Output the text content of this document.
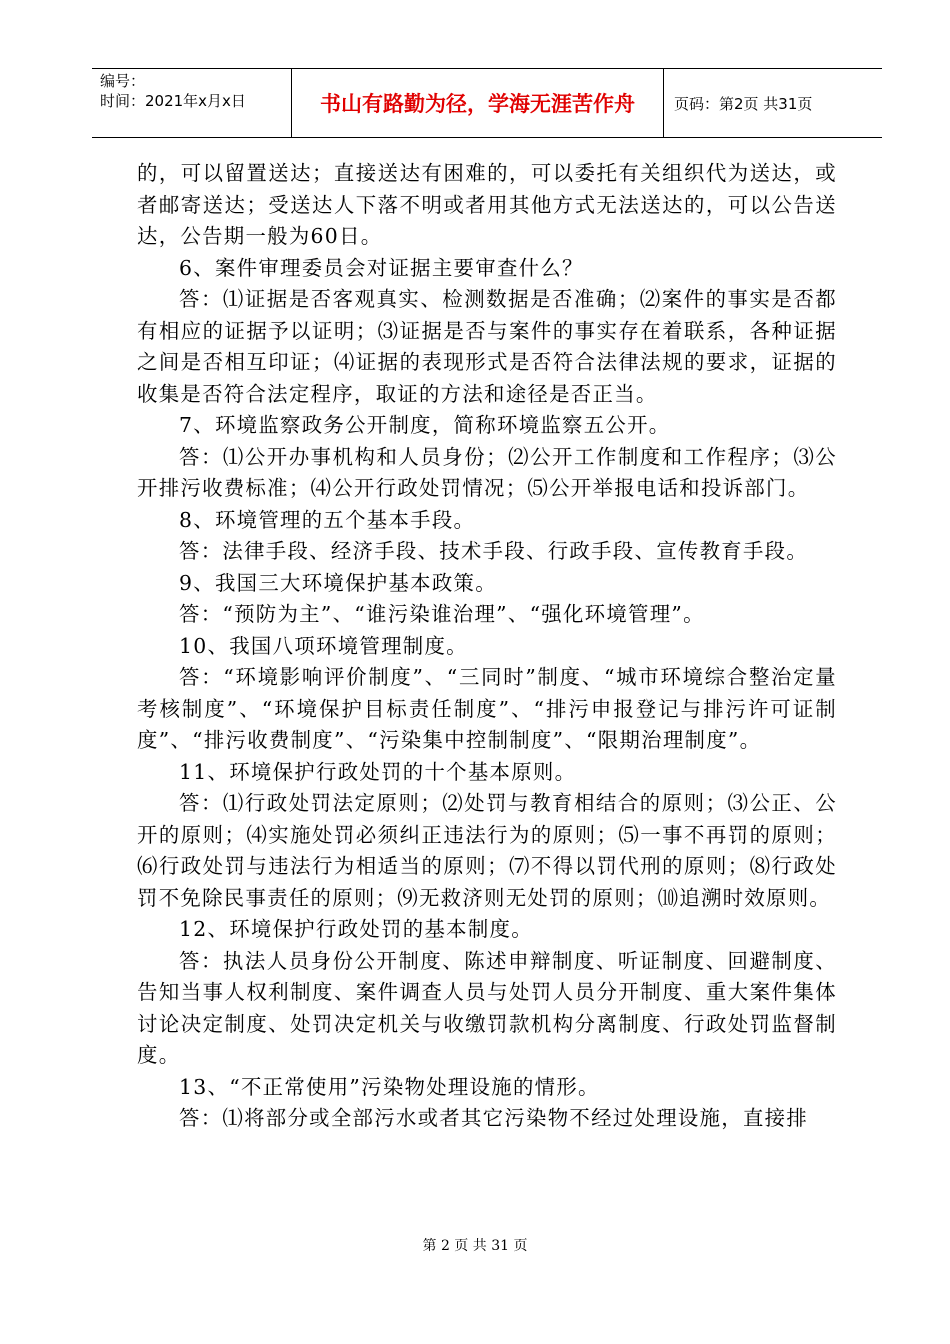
编号：
时间：2021年x月x日	书山有路勤为径，学海无涯苦作舟	页码：第2页 共31页

的，可以留置送达；直接送达有困难的，可以委托有关组织代为送达，或者邮寄送达；受送达人下落不明或者用其他方式无法送达的，可以公告送达，公告期一般为60日。

6、案件审理委员会对证据主要审查什么？

答：⑴证据是否客观真实、检测数据是否准确；⑵案件的事实是否都有相应的证据予以证明；⑶证据是否与案件的事实存在着联系，各种证据之间是否相互印证；⑷证据的表现形式是否符合法律法规的要求，证据的收集是否符合法定程序，取证的方法和途径是否正当。

7、环境监察政务公开制度，简称环境监察五公开。

答：⑴公开办事机构和人员身份；⑵公开工作制度和工作程序；⑶公开排污收费标准；⑷公开行政处罚情况；⑸公开举报电话和投诉部门。

8、环境管理的五个基本手段。

答：法律手段、经济手段、技术手段、行政手段、宣传教育手段。

9、我国三大环境保护基本政策。

答：“预防为主”、“谁污染谁治理”、“强化环境管理”。

10、我国八项环境管理制度。

答：“环境影响评价制度”、“三同时”制度、“城市环境综合整治定量考核制度”、“环境保护目标责任制度”、“排污申报登记与排污许可证制度”、“排污收费制度”、“污染集中控制制度”、“限期治理制度”。

11、环境保护行政处罚的十个基本原则。

答：⑴行政处罚法定原则；⑵处罚与教育相结合的原则；⑶公正、公开的原则；⑷实施处罚必须纠正违法行为的原则；⑸一事不再罚的原则；⑹行政处罚与违法行为相适当的原则；⑺不得以罚代刑的原则；⑻行政处罚不免除民事责任的原则；⑼无救济则无处罚的原则；⑽追溯时效原则。

12、环境保护行政处罚的基本制度。

答：执法人员身份公开制度、陈述申辩制度、听证制度、回避制度、告知当事人权利制度、案件调查人员与处罚人员分开制度、重大案件集体讨论决定制度、处罚决定机关与收缴罚款机构分离制度、行政处罚监督制度。

13、“不正常使用”污染物处理设施的情形。

答：⑴将部分或全部污水或者其它污染物不经过处理设施，直接排

第 2 页 共 31 页
